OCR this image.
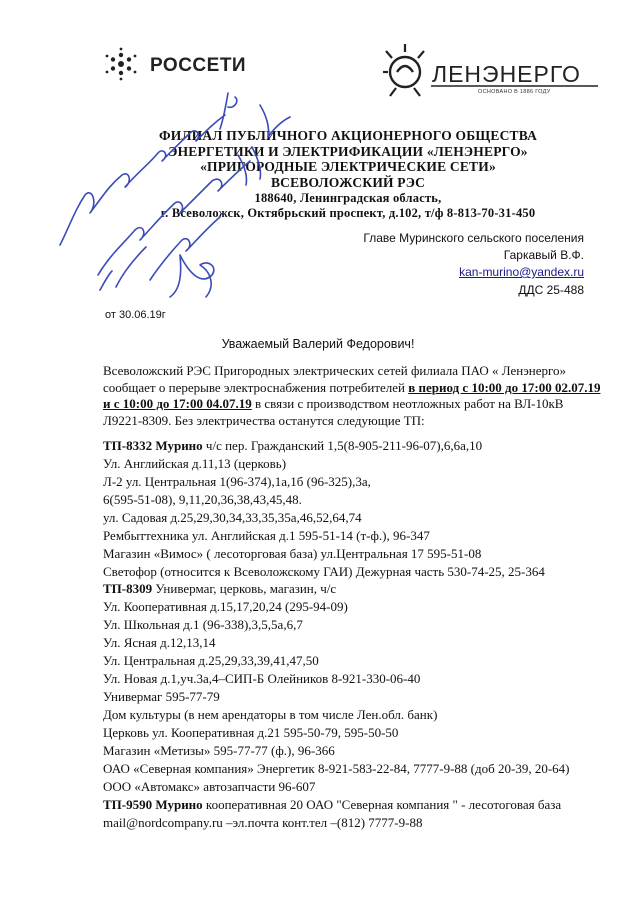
РОССЕТИ	ЛЕНЭНЕРГО
ОСНОВАНО В 1886 ГОДУ
ФИЛИАЛ ПУБЛИЧНОГО АКЦИОНЕРНОГО ОБЩЕСТВА
ЭНЕРГЕТИКИ И ЭЛЕКТРИФИКАЦИИ «ЛЕНЭНЕРГО»
«ПРИГОРОДНЫЕ ЭЛЕКТРИЧЕСКИЕ СЕТИ»
ВСЕВОЛОЖСКИЙ РЭС
188640, Ленинградская область,
г. Всеволожск, Октябрьский проспект, д.102, т/ф 8-813-70-31-450
Главе Муринского сельского поселения
Гаркавый В.Ф.
kan-murino@yandex.ru
ДДС 25-488
от 30.06.19г
Уважаемый Валерий Федорович!
Всеволожский РЭС Пригородных электрических сетей филиала ПАО « Ленэнерго»
сообщает о перерыве электроснабжения потребителей в период с 10:00 до 17:00 02.07.19
и с 10:00 до 17:00 04.07.19 в связи с производством неотложных работ на ВЛ-10кВ
Л9221-8309. Без электричества останутся следующие ТП:
ТП-8332 Мурино ч/с пер. Гражданский 1,5(8-905-211-96-07),6,6а,10
Ул. Английская д.11,13 (церковь)
Л-2 ул. Центральная 1(96-374),1а,1б (96-325),3а,
6(595-51-08), 9,11,20,36,38,43,45,48.
ул. Садовая д.25,29,30,34,33,35,35а,46,52,64,74
Рембыттехника ул. Английская д.1 595-51-14 (т-ф.), 96-347
Магазин «Вимос» ( лесоторговая база) ул.Центральная 17 595-51-08
Светофор (относится к Всеволожскому ГАИ) Дежурная часть 530-74-25, 25-364
ТП-8309 Универмаг, церковь, магазин, ч/с
Ул. Кооперативная д.15,17,20,24 (295-94-09)
Ул. Школьная д.1 (96-338),3,5,5а,6,7
Ул. Ясная д.12,13,14
Ул. Центральная д.25,29,33,39,41,47,50
Ул. Новая д.1,уч.3а,4–СИП-Б Олейников 8-921-330-06-40
Универмаг 595-77-79
Дом культуры (в нем арендаторы в том числе Лен.обл. банк)
Церковь ул. Кооперативная д.21 595-50-79, 595-50-50
Магазин «Метизы» 595-77-77 (ф.), 96-366
ОАО «Северная компания» Энергетик 8-921-583-22-84, 7777-9-88 (доб 20-39, 20-64)
ООО «Автомакс» автозапчасти 96-607
ТП-9590 Мурино кооперативная 20 ОАО "Северная компания " - лесотоговая база
mail@nordcompany.ru –эл.почта конт.тел –(812) 7777-9-88
